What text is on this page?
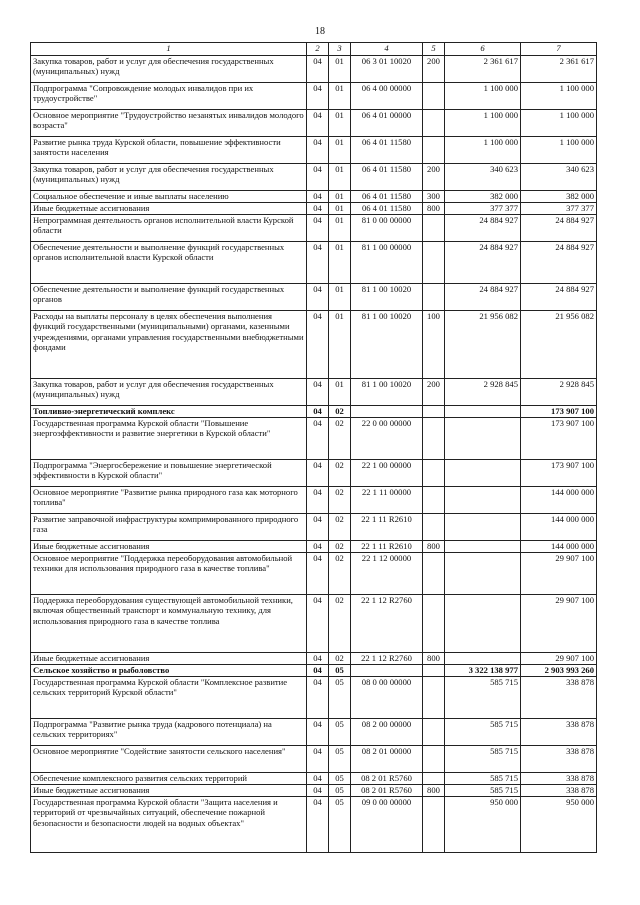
18
1	2	3	4	5	6	7
Закупка товаров, работ и услуг для обеспечения государственных (муниципальных) нужд	04	01	06 3 01 10020	200	2 361 617	2 361 617
Подпрограмма "Сопровождение молодых инвалидов при их трудоустройстве"	04	01	06 4 00 00000		1 100 000	1 100 000
Основное мероприятие "Трудоустройство незанятых инвалидов молодого возраста"	04	01	06 4 01 00000		1 100 000	1 100 000
Развитие рынка труда Курской области, повышение эффективности занятости населения	04	01	06 4 01 11580		1 100 000	1 100 000
Закупка товаров, работ и услуг для обеспечения государственных (муниципальных) нужд	04	01	06 4 01 11580	200	340 623	340 623
Социальное обеспечение и иные выплаты населению	04	01	06 4 01 11580	300	382 000	382 000
Иные бюджетные ассигнования	04	01	06 4 01 11580	800	377 377	377 377
Непрограммная деятельность органов исполнительной власти Курской области	04	01	81 0 00 00000		24 884 927	24 884 927
Обеспечение деятельности и выполнение функций государственных органов исполнительной власти Курской области	04	01	81 1 00 00000		24 884 927	24 884 927
Обеспечение деятельности и выполнение функций государственных органов	04	01	81 1 00 10020		24 884 927	24 884 927
Расходы на выплаты персоналу в целях обеспечения выполнения функций государственными (муниципальными) органами, казенными учреждениями, органами управления государственными внебюджетными фондами	04	01	81 1 00 10020	100	21 956 082	21 956 082
Закупка товаров, работ и услуг для обеспечения государственных (муниципальных) нужд	04	01	81 1 00 10020	200	2 928 845	2 928 845
Топливно-энергетический комплекс	04	02				173 907 100
Государственная программа Курской области "Повышение энергоэффективности и развитие энергетики в Курской области"	04	02	22 0 00 00000			173 907 100
Подпрограмма "Энергосбережение и повышение энергетической эффективности в Курской области"	04	02	22 1 00 00000			173 907 100
Основное мероприятие "Развитие рынка природного газа как моторного топлива"	04	02	22 1 11 00000			144 000 000
Развитие заправочной инфраструктуры компримированного природного газа	04	02	22 1 11 R2610			144 000 000
Иные бюджетные ассигнования	04	02	22 1 11 R2610	800		144 000 000
Основное мероприятие "Поддержка переоборудования автомобильной техники для использования природного газа в качестве топлива"	04	02	22 1 12 00000			29 907 100
Поддержка переоборудования существующей автомобильной техники, включая общественный транспорт и коммунальную технику, для использования природного газа в качестве топлива	04	02	22 1 12 R2760			29 907 100
Иные бюджетные ассигнования	04	02	22 1 12 R2760	800		29 907 100
Сельское хозяйство и рыболовство	04	05			3 322 138 977	2 903 993 260
Государственная программа Курской области "Комплексное развитие сельских территорий Курской области"	04	05	08 0 00 00000		585 715	338 878
Подпрограмма "Развитие рынка труда (кадрового потенциала) на сельских территориях"	04	05	08 2 00 00000		585 715	338 878
Основное мероприятие "Содействие занятости сельского населения"	04	05	08 2 01 00000		585 715	338 878
Обеспечение комплексного развития сельских территорий	04	05	08 2 01 R5760		585 715	338 878
Иные бюджетные ассигнования	04	05	08 2 01 R5760	800	585 715	338 878
Государственная программа Курской области "Защита населения и территорий от чрезвычайных ситуаций, обеспечение пожарной безопасности и безопасности людей на водных объектах"	04	05	09 0 00 00000		950 000	950 000
